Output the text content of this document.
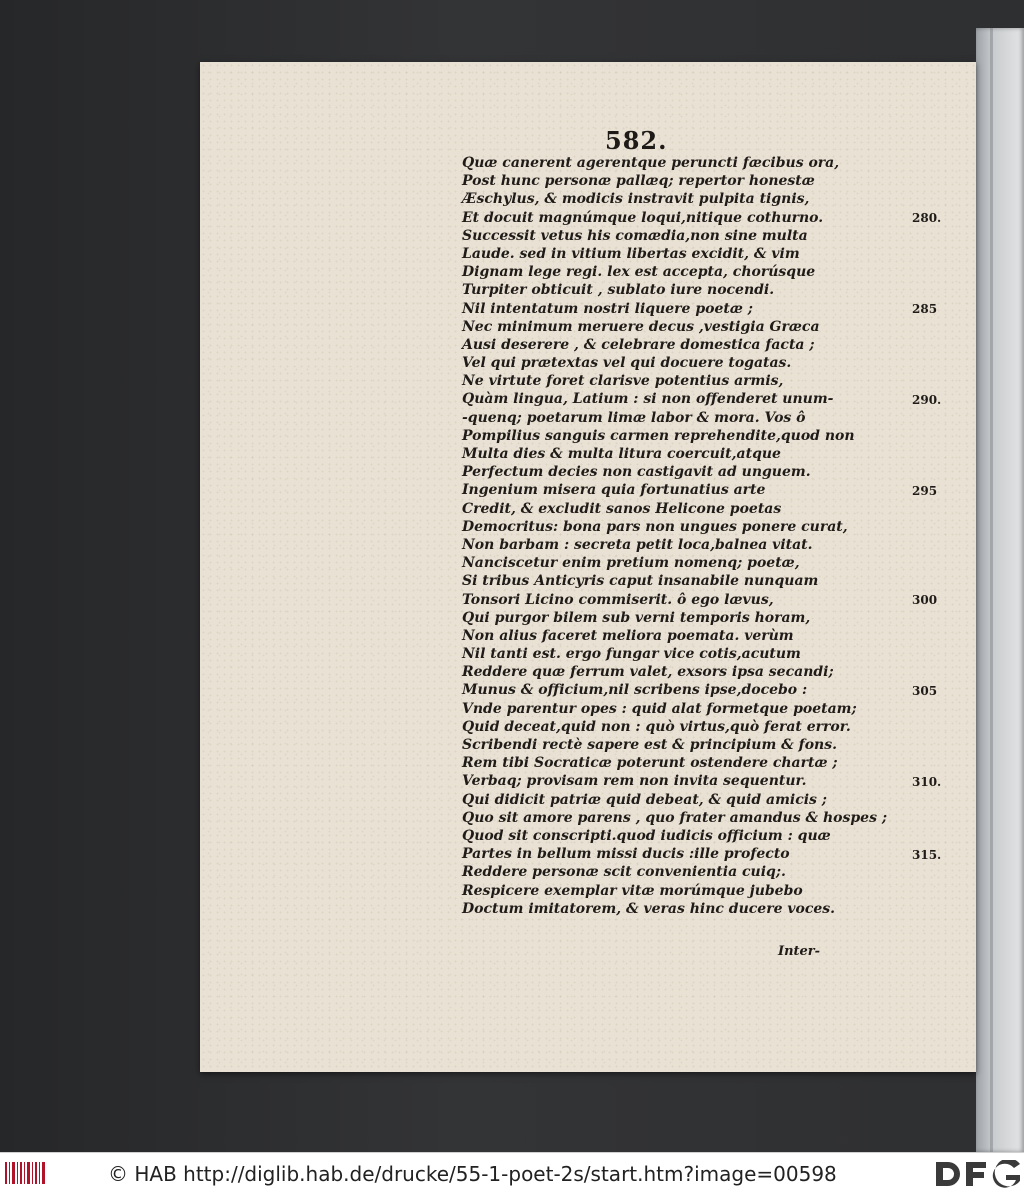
582.
Quæ canerent agerentque peruncti fæcibus ora,
Post hunc personæ pallæq; repertor honestæ
Æschylus, & modicis instravit pulpita tignis,
Et docuit magnúmque loqui,nitique cothurno.
Successit vetus his comædia,non sine multa
Laude. sed in vitium libertas excidit, & vim
Dignam lege regi. lex est accepta, chorúsque
Turpiter obticuit , sublato iure nocendi.
Nil intentatum nostri liquere poetæ ;
Nec minimum meruere decus ,vestigia Græca
Ausi deserere , & celebrare domestica facta ;
Vel qui prætextas vel qui docuere togatas.
Ne virtute foret clarisve potentius armis,
Quàm lingua, Latium : si non offenderet unum-
-quenq; poetarum limæ labor & mora. Vos ô
Pompilius sanguis carmen reprehendite,quod non
Multa dies & multa litura coercuit,atque
Perfectum decies non castigavit ad unguem.
Ingenium misera quia fortunatius arte
Credit, & excludit sanos Helicone poetas
Democritus: bona pars non ungues ponere curat,
Non barbam : secreta petit loca,balnea vitat.
Nanciscetur enim pretium nomenq; poetæ,
Si tribus Anticyris caput insanabile nunquam
Tonsori Licino commiserit. ô ego lævus,
Qui purgor bilem sub verni temporis horam,
Non alius faceret meliora poemata. verùm
Nil tanti est. ergo fungar vice cotis,acutum
Reddere quæ ferrum valet, exsors ipsa secandi;
Munus & officium,nil scribens ipse,docebo :
Vnde parentur opes : quid alat formetque poetam;
Quid deceat,quid non : quò virtus,quò ferat error.
Scribendi rectè sapere est & principium & fons.
Rem tibi Socraticæ poterunt ostendere chartæ ;
Verbaq; provisam rem non invita sequentur.
Qui didicit patriæ quid debeat, & quid amicis ;
Quo sit amore parens , quo frater amandus & hospes ;
Quod sit conscripti.quod iudicis officium : quæ
Partes in bellum missi ducis :ille profecto
Reddere personæ scit convenientia cuiq;.
Respicere exemplar vitæ morúmque jubebo
Doctum imitatorem, & veras hinc ducere voces.
280.
285
290.
295
300
305
310.
315.
Inter-
© HAB http://diglib.hab.de/drucke/55-1-poet-2s/start.htm?image=00598
